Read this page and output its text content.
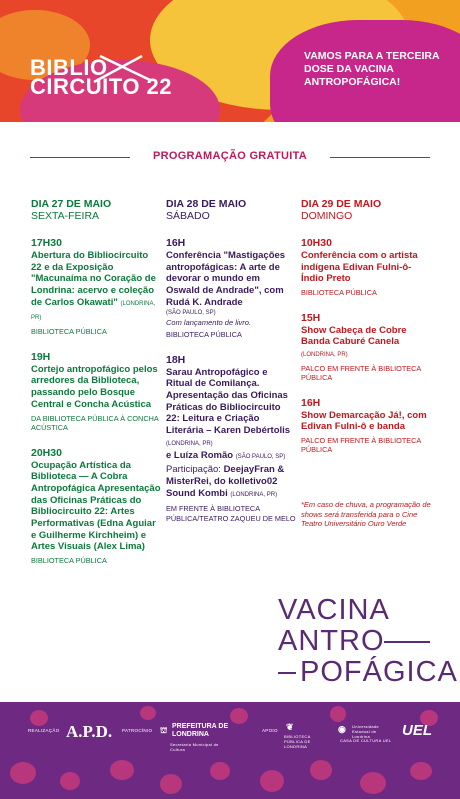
BIBLIO
CIRCUITO 22
VAMOS PARA A TERCEIRA DOSE DA VACINA ANTROPOFÁGICA!
PROGRAMAÇÃO GRATUITA
DIA 27 DE MAIO
SEXTA-FEIRA
17H30
Abertura do Bibliocircuito 22 e da Exposição "Macunaíma no Coração de Londrina: acervo e coleção de Carlos Okawati" (LONDRINA, PR)
BIBLIOTECA PÚBLICA
19H
Cortejo antropofágico pelos arredores da Biblioteca, passando pelo Bosque Central e Concha Acústica
DA BIBLIOTECA PÚBLICA À CONCHA ACÚSTICA
20H30
Ocupação Artística da Biblioteca — A Cobra Antropofágica Apresentação das Oficinas Práticas do Bibliocircuito 22: Artes Performativas (Edna Aguiar e Guilherme Kirchheim) e Artes Visuais (Alex Lima)
BIBLIOTECA PÚBLICA
DIA 28 DE MAIO
SÁBADO
16H
Conferência "Mastigações antropofágicas: A arte de devorar o mundo em Oswald de Andrade", com Rudá K. Andrade
(SÃO PAULO, SP)
Com lançamento de livro.
BIBLIOTECA PÚBLICA
18H
Sarau Antropofágico e Ritual de Comilança. Apresentação das Oficinas Práticas do Bibliocircuito 22: Leitura e Criação Literária – Karen Debértolis (LONDRINA, PR)
e Luíza Romão (SÃO PAULO, SP)
Participação: DeejayFran & MisterRei, do kolletivo02 Sound Kombi (LONDRINA, PR)
EM FRENTE À BIBLIOTECA PÚBLICA/TEATRO ZAQUEU DE MELO
DIA 29 DE MAIO
DOMINGO
10H30
Conferência com o artista indígena Edivan Fulni-ô-Índio Preto
BIBLIOTECA PÚBLICA
15H
Show Cabeça de Cobre Banda Caburé Canela
(LONDRINA, PR)
PALCO EM FRENTE À BIBLIOTECA PÚBLICA
16H
Show Demarcação Já!, com Edivan Fulni-ô e banda
PALCO EM FRENTE À BIBLIOTECA PÚBLICA
*Em caso de chuva, a programação de shows será transferida para o Cine Teatro Universitário Ouro Verde
VACINA
ANTRO
POFÁGICA
REALIZAÇÃO A.P.D. PATROCÍNIO ⛫ PREFEITURA DE
LONDRINA
Secretaria Municipal de Cultura
APOIO ❦
BIBLIOTECA PÚBLICA DE LONDRINA
◉ Universidade Estadual de Londrina
CASA DE CULTURA UEL
UEL
